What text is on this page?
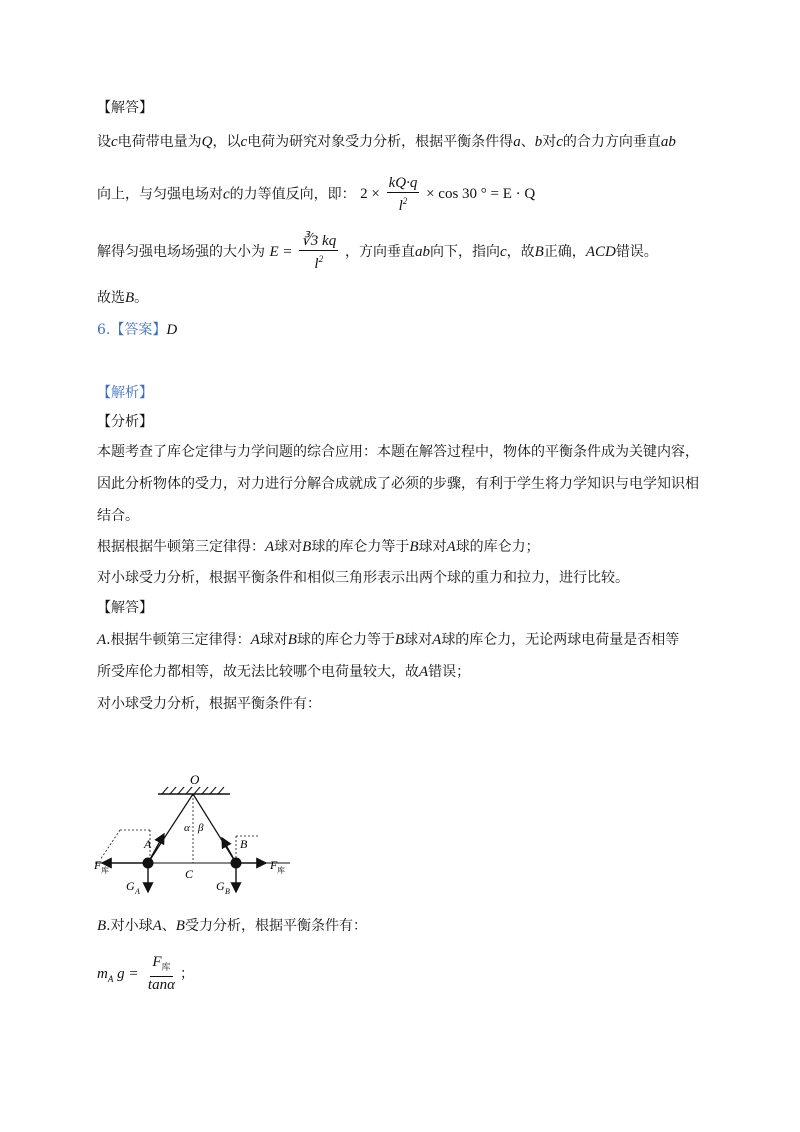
【解答】
设c电荷带电量为Q，以c电荷为研究对象受力分析，根据平衡条件得a、b对c的合力方向垂直ab
向上，与匀强电场对c的力等值反向，即： $2 \times \frac{kQ\cdot q}{l^2} \times \cos 30$ ° = E · Q
解得匀强电场场强的大小为 $E = \frac{∛3 kq}{l^2}$ ，方向垂直ab向下，指向c，故B正确，ACD错误。
故选B。
6.【答案】D
【解析】
【分析】
本题考查了库仑定律与力学问题的综合应用：本题在解答过程中，物体的平衡条件成为关键内容，
因此分析物体的受力，对力进行分解合成就成了必须的步骤，有利于学生将力学知识与电学知识相
结合。
根据根据牛顿第三定律得：A球对B球的库仑力等于B球对A球的库仑力；
对小球受力分析，根据平衡条件和相似三角形表示出两个球的重力和拉力，进行比较。
【解答】
A.根据牛顿第三定律得：A球对B球的库仑力等于B球对A球的库仑力，无论两球电荷量是否相等
所受库伦力都相等，故无法比较哪个电荷量较大，故A错误；
对小球受力分析，根据平衡条件有：
O
α β
A	B
C
F 库	F 库
G A	G B
B.对小球A、B受力分析，根据平衡条件有：
$m_A$ $g = \frac{F_库}{\tan\alpha}$ ；
